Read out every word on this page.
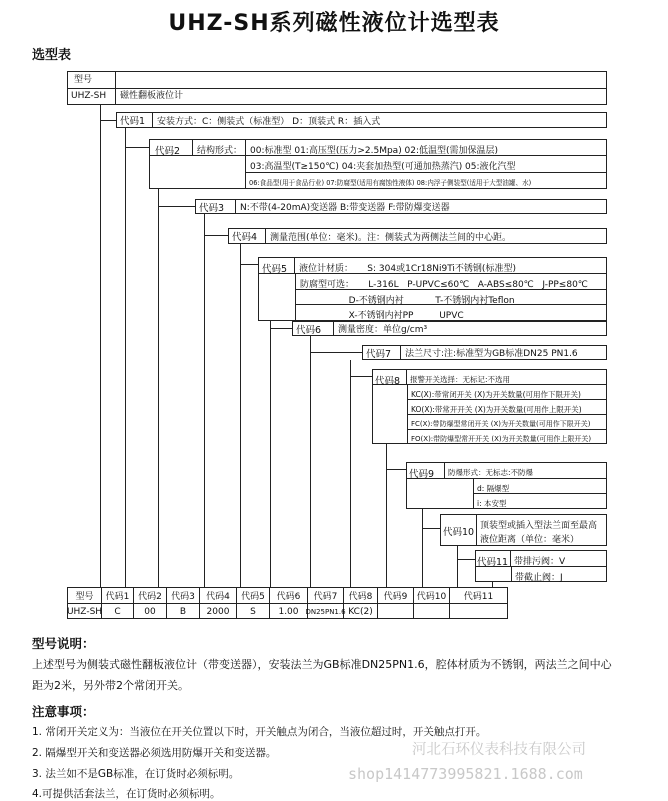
UHZ-SH系列磁性液位计选型表
选型表
型号
UHZ-SH	磁性翻板液位计
代码1	安装方式：C：侧装式（标准型） D：顶装式 R：插入式
代码2	结构形式： 00:标准型 01:高压型(压力>2.5Mpa) 02:低温型(需加保温层)
03:高温型(T≥150℃) 04:夹套加热型(可通加热蒸汽) 05:液化汽型
06:食品型(用于食品行业) 07:防腐型(适用有腐蚀性液体) 08:内浮子侧装型(适用于大型油罐、水)
代码3	N:不带(4-20mA)变送器 B:带变送器 F:带防爆变送器
代码4	测量范围(单位：毫米)。注：侧装式为两侧法兰间的中心距。
代码5	液位计材质：     S: 304或1Cr18Ni9Ti不锈钢(标准型)
防腐型可选：     L-316L   P-UPVC≤60℃   A-ABS≤80℃   J-PP≤80℃
D-不锈钢内衬           T-不锈钢内衬Teflon
X-不锈钢内衬PP         UPVC
代码6	测量密度：单位g/cm³
代码7	法兰尺寸:注:标准型为GB标准DN25 PN1.6
代码8	报警开关选择：无标记:不选用
KC(X):带常闭开关 (X)为开关数量(可用作下限开关)
KO(X):带常开开关 (X)为开关数量(可用作上限开关)
FC(X):带防爆型常闭开关 (X)为开关数量(可用作下限开关)
FO(X):带防爆型常开开关 (X)为开关数量(可用作上限开关)
代码9	防爆形式：无标志:不防爆
d: 隔爆型
i: 本安型
代码10
顶装型或插入型法兰面至最高
液位距离（单位：毫米）
代码11 带排污阀：V
带截止阀：J
型号	代码1 代码2	代码3	代码4	代码5	代码6	代码7	代码8	代码9	代码10	代码11
UHZ-SH	C	00	B	2000	S	1.00 DN25PN1.6 KC(2)
型号说明：
上述型号为侧装式磁性翻板液位计（带变送器），安装法兰为GB标准DN25PN1.6，腔体材质为不锈钢，两法兰之间中心
距为2米，另外带2个常闭开关。
注意事项：
1. 常闭开关定义为：当液位在开关位置以下时，开关触点为闭合，当液位超过时，开关触点打开。
2. 隔爆型开关和变送器必须选用防爆开关和变送器。
3. 法兰如不是GB标准，在订货时必须标明。
4.可提供活套法兰，在订货时必须标明。
河北石环仪表科技有限公司
shop1414773995821.1688.com
